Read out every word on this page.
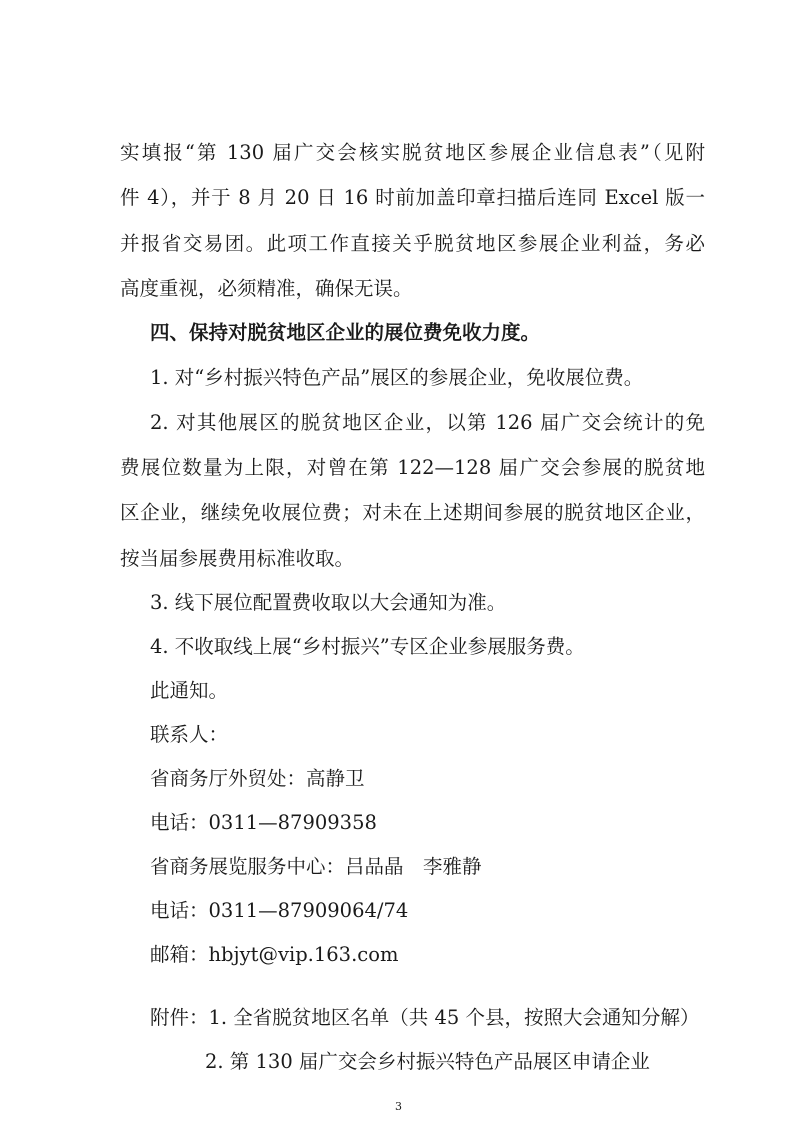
实填报“第 130 届广交会核实脱贫地区参展企业信息表”（见附
件 4），并于 8 月 20 日 16 时前加盖印章扫描后连同 Excel 版一
并报省交易团。此项工作直接关乎脱贫地区参展企业利益，务必
高度重视，必须精准，确保无误。
四、保持对脱贫地区企业的展位费免收力度。
1. 对“乡村振兴特色产品”展区的参展企业，免收展位费。
2. 对其他展区的脱贫地区企业，以第 126 届广交会统计的免
费展位数量为上限，对曾在第 122—128 届广交会参展的脱贫地
区企业，继续免收展位费；对未在上述期间参展的脱贫地区企业，
按当届参展费用标准收取。
3. 线下展位配置费收取以大会通知为准。
4. 不收取线上展“乡村振兴”专区企业参展服务费。
此通知。
联系人：
省商务厅外贸处：高静卫
电话：0311—87909358
省商务展览服务中心：吕品晶　李雅静
电话：0311—87909064/74
邮箱：hbjyt@vip.163.com
附件：1. 全省脱贫地区名单（共 45 个县，按照大会通知分解）
2. 第 130 届广交会乡村振兴特色产品展区申请企业
3
